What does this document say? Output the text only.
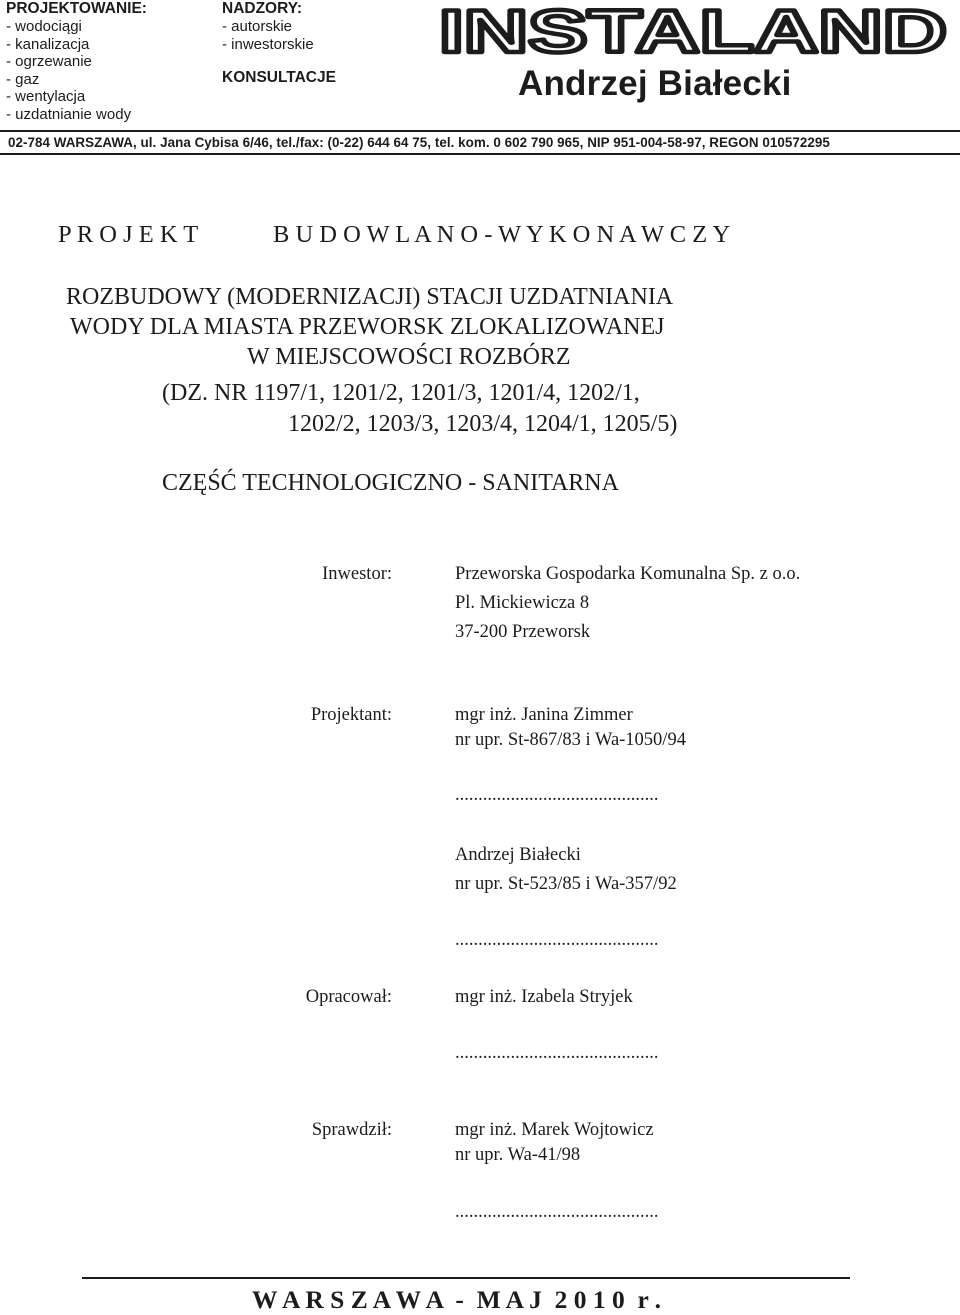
PROJEKTOWANIE:
- wodociągi
- kanalizacja
- ogrzewanie
- gaz
- wentylacja
- uzdatnianie wody
NADZORY:
- autorskie
- inwestorskie
KONSULTACJE
INSTALAND
Andrzej Białecki
02-784 WARSZAWA, ul. Jana Cybisa 6/46, tel./fax: (0-22) 644 64 75, tel. kom. 0 602 790 965, NIP 951-004-58-97, REGON 010572295
P R O J E K T	B U D O W L A N O - W Y K O N A W C Z Y
ROZBUDOWY (MODERNIZACJI) STACJI UZDATNIANIA
WODY DLA MIASTA PRZEWORSK ZLOKALIZOWANEJ
W MIEJSCOWOŚCI ROZBÓRZ
(DZ. NR 1197/1, 1201/2, 1201/3, 1201/4, 1202/1,
1202/2, 1203/3, 1203/4, 1204/1, 1205/5)
CZĘŚĆ TECHNOLOGICZNO - SANITARNA
Inwestor:	Przeworska Gospodarka Komunalna Sp. z o.o.
Pl. Mickiewicza 8
37-200 Przeworsk
Projektant:	mgr inż. Janina Zimmer
nr upr. St-867/83 i Wa-1050/94
............................................
Andrzej Białecki
nr upr. St-523/85 i Wa-357/92
............................................
Opracował:	mgr inż. Izabela Stryjek
............................................
Sprawdził:	mgr inż. Marek Wojtowicz
nr upr. Wa-41/98
............................................
W A R S Z A W A  -  M A J  2 0 1 0  r .
